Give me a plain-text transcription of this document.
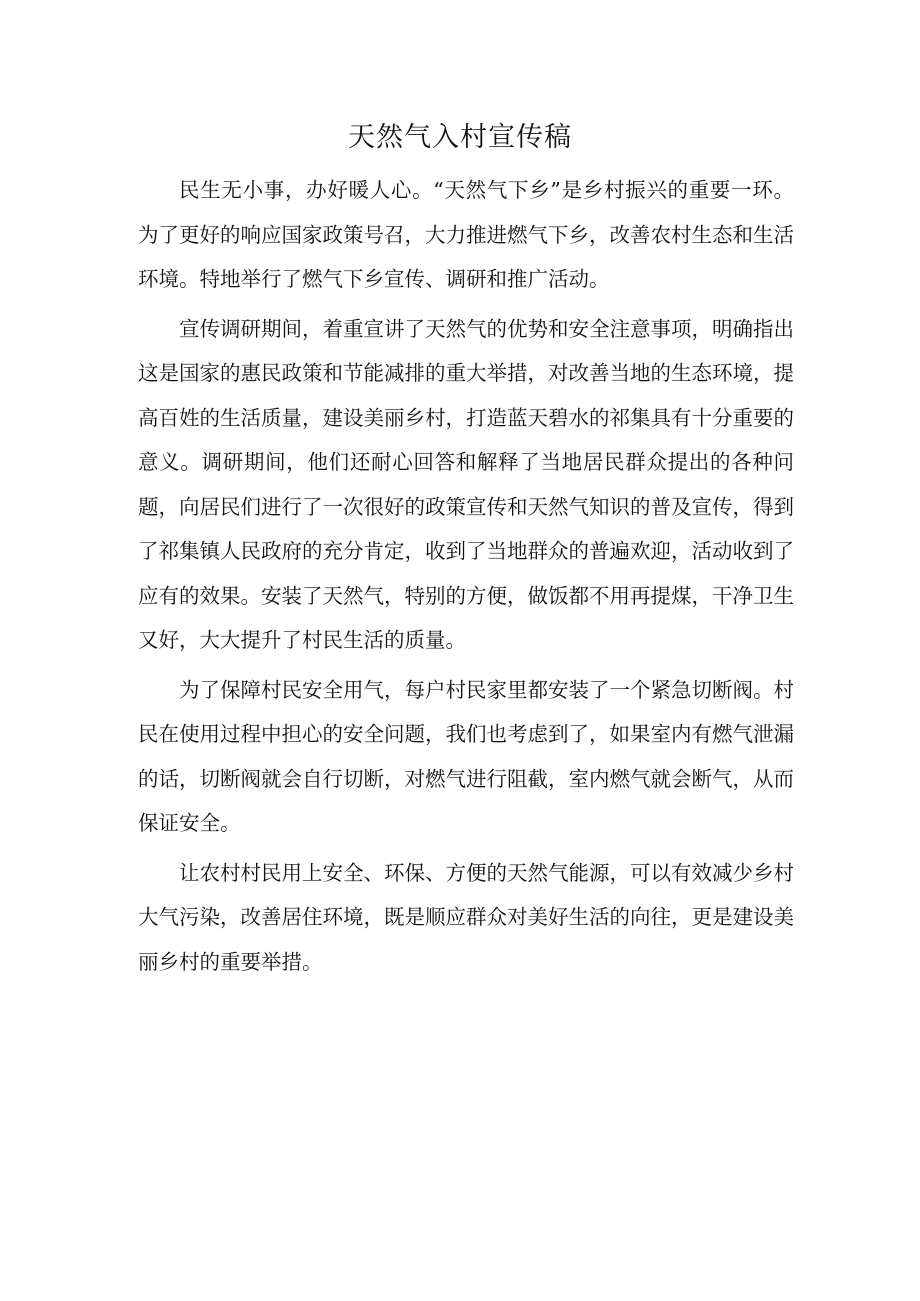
天然气入村宣传稿

民生无小事，办好暖人心。“天然气下乡”是乡村振兴的重要一环。为了更好的响应国家政策号召，大力推进燃气下乡，改善农村生态和生活环境。特地举行了燃气下乡宣传、调研和推广活动。

宣传调研期间，着重宣讲了天然气的优势和安全注意事项，明确指出这是国家的惠民政策和节能减排的重大举措，对改善当地的生态环境，提高百姓的生活质量，建设美丽乡村，打造蓝天碧水的祁集具有十分重要的意义。调研期间，他们还耐心回答和解释了当地居民群众提出的各种问题，向居民们进行了一次很好的政策宣传和天然气知识的普及宣传，得到了祁集镇人民政府的充分肯定，收到了当地群众的普遍欢迎，活动收到了应有的效果。安装了天然气，特别的方便，做饭都不用再提煤，干净卫生又好，大大提升了村民生活的质量。

为了保障村民安全用气，每户村民家里都安装了一个紧急切断阀。村民在使用过程中担心的安全问题，我们也考虑到了，如果室内有燃气泄漏的话，切断阀就会自行切断，对燃气进行阻截，室内燃气就会断气，从而保证安全。

让农村村民用上安全、环保、方便的天然气能源，可以有效减少乡村大气污染，改善居住环境，既是顺应群众对美好生活的向往，更是建设美丽乡村的重要举措。
